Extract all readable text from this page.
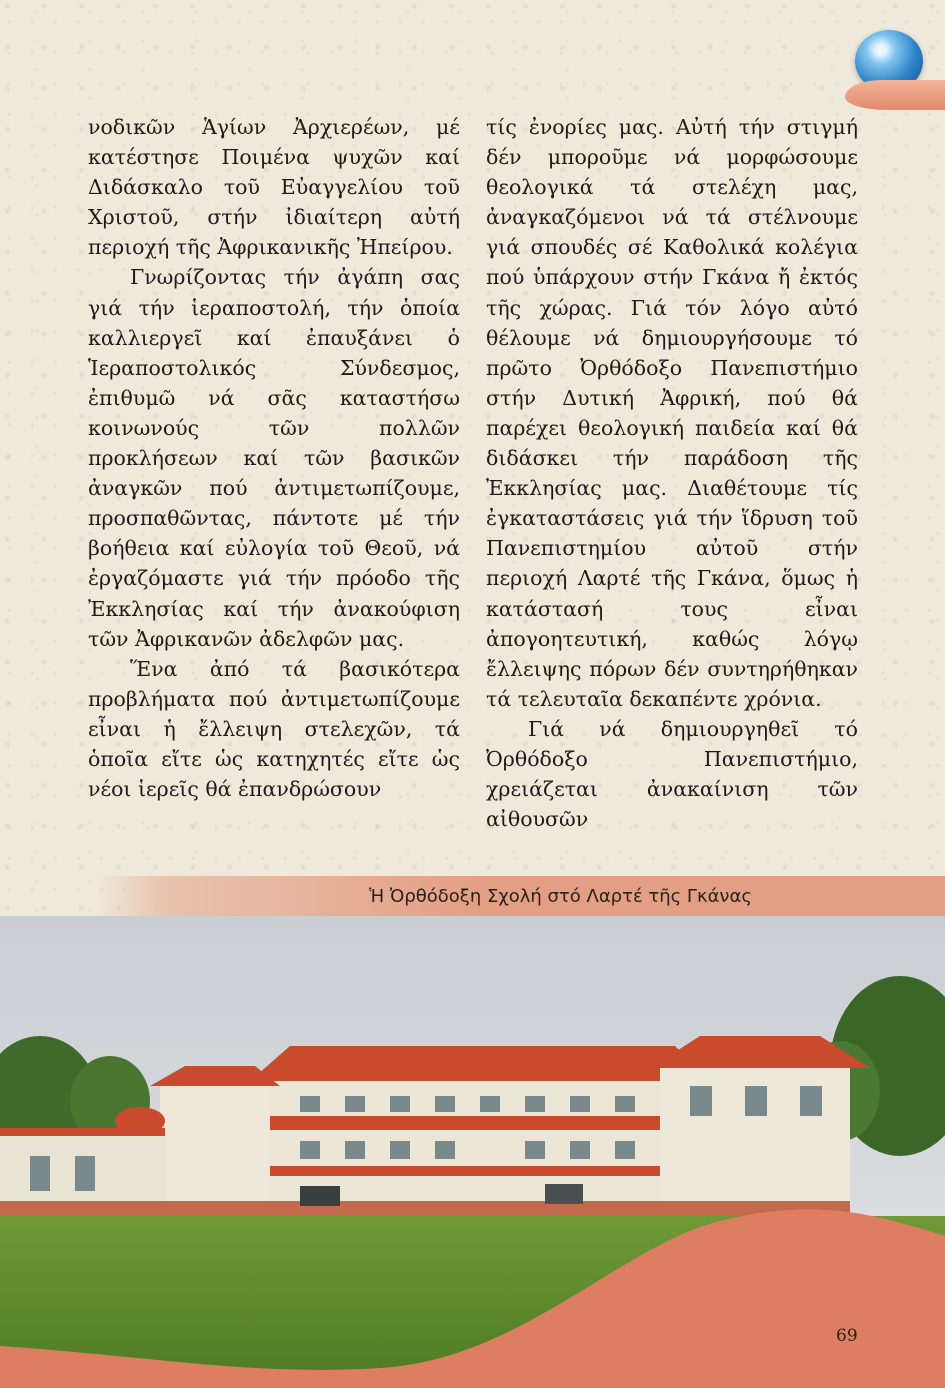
νοδικῶν Ἁγίων Ἀρχιερέων, μέ κατέστησε Ποιμένα ψυχῶν καί Διδάσκαλο τοῦ Εὐαγγελίου τοῦ Χριστοῦ, στήν ἰδιαίτερη αὐτή περιοχή τῆς Ἀφρικανικῆς Ἠπείρου.

Γνωρίζοντας τήν ἀγάπη σας γιά τήν ἱεραποστολή, τήν ὁποία καλλιεργεῖ καί ἐπαυξάνει ὁ Ἱεραποστολικός Σύνδεσμος, ἐπιθυμῶ νά σᾶς καταστήσω κοινωνούς τῶν πολλῶν προκλήσεων καί τῶν βασικῶν ἀναγκῶν πού ἀντιμετωπίζουμε, προσπαθῶντας, πάντοτε μέ τήν βοήθεια καί εὐλογία τοῦ Θεοῦ, νά ἐργαζόμαστε γιά τήν πρόοδο τῆς Ἐκκλησίας καί τήν ἀνακούφιση τῶν Ἀφρικανῶν ἀδελφῶν μας.

Ἕνα ἀπό τά βασικότερα προβλήματα πού ἀντιμετωπίζουμε εἶναι ἡ ἔλλειψη στελεχῶν, τά ὁποῖα εἴτε ὡς κατηχητές εἴτε ὡς νέοι ἱερεῖς θά ἐπανδρώσουν

τίς ἐνορίες μας. Αὐτή τήν στιγμή δέν μποροῦμε νά μορφώσουμε θεολογικά τά στελέχη μας, ἀναγκαζόμενοι νά τά στέλνουμε γιά σπουδές σέ Καθολικά κολέγια πού ὑπάρχουν στήν Γκάνα ἤ ἐκτός τῆς χώρας. Γιά τόν λόγο αὐτό θέλουμε νά δημιουργήσουμε τό πρῶτο Ὀρθόδοξο Πανεπιστήμιο στήν Δυτική Ἀφρική, πού θά παρέχει θεολογική παιδεία καί θά διδάσκει τήν παράδοση τῆς Ἐκκλησίας μας. Διαθέτουμε τίς ἐγκαταστάσεις γιά τήν ἵδρυση τοῦ Πανεπιστημίου αὐτοῦ στήν περιοχή Λαρτέ τῆς Γκάνα, ὅμως ἡ κατάστασή τους εἶναι ἀπογοητευτική, καθώς λόγῳ ἔλλειψης πόρων δέν συντηρήθηκαν τά τελευταῖα δεκαπέντε χρόνια.

Γιά νά δημιουργηθεῖ τό Ὀρθόδοξο Πανεπιστήμιο, χρειάζεται ἀνακαίνιση τῶν αἰθουσῶν

Ἡ Ὀρθόδοξη Σχολή στό Λαρτέ τῆς Γκάνας
69
